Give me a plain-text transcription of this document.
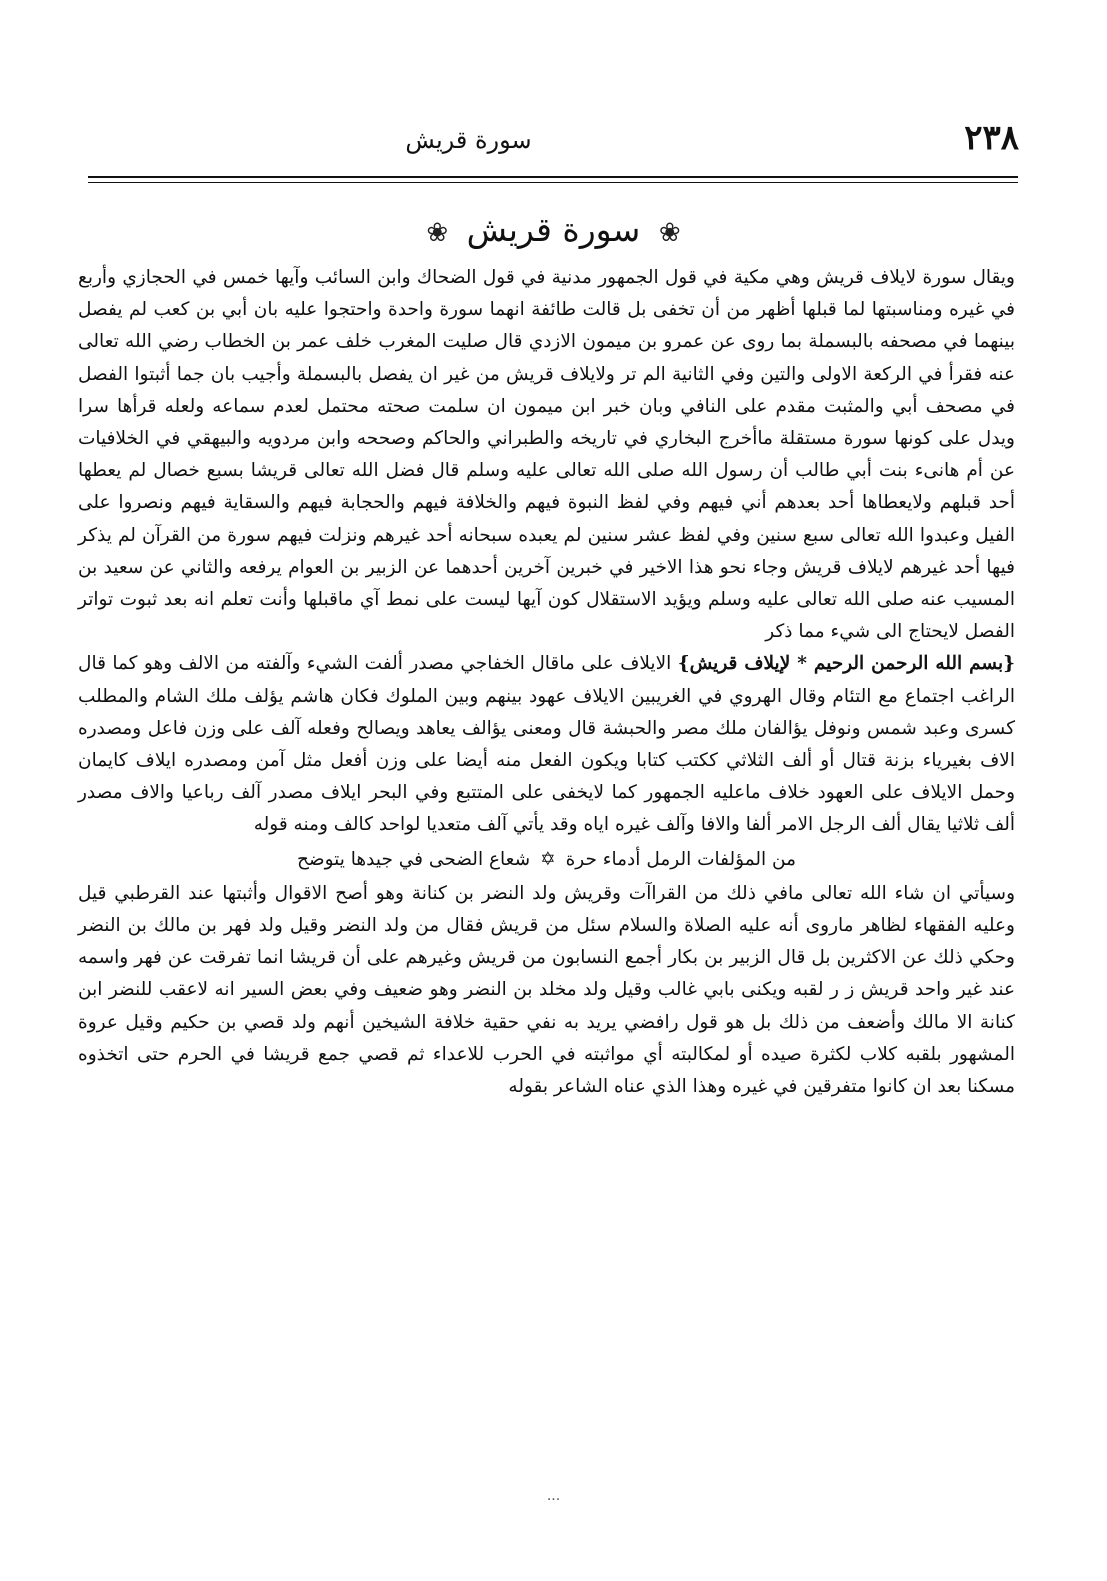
٢٣٨
سورة قريش
❀ سورة قريش ❀

ويقال سورة لايلاف قريش وهي مكية في قول الجمهور مدنية في قول الضحاك وابن السائب وآيها خمس في الحجازي وأربع في غيره ومناسبتها لما قبلها أظهر من أن تخفى بل قالت طائفة انهما سورة واحدة واحتجوا عليه بان أبي بن كعب لم يفصل بينهما في مصحفه بالبسملة بما روى عن عمرو بن ميمون الازدي قال صليت المغرب خلف عمر بن الخطاب رضي الله تعالى عنه فقرأ في الركعة الاولى والتين وفي الثانية الم تر ولايلاف قريش من غير ان يفصل بالبسملة وأجيب بان جما أثبتوا الفصل في مصحف أبي والمثبت مقدم على النافي وبان خبر ابن ميمون ان سلمت صحته محتمل لعدم سماعه ولعله قرأها سرا ويدل على كونها سورة مستقلة ماأخرج البخاري في تاريخه والطبراني والحاكم وصححه وابن مردويه والبيهقي في الخلافيات عن أم هانىء بنت أبي طالب أن رسول الله صلى الله تعالى عليه وسلم قال فضل الله تعالى قريشا بسبع خصال لم يعطها أحد قبلهم ولايعطاها أحد بعدهم أني فيهم وفي لفظ النبوة فيهم والخلافة فيهم والحجابة فيهم والسقاية فيهم ونصروا على الفيل وعبدوا الله تعالى سبع سنين وفي لفظ عشر سنين لم يعبده سبحانه أحد غيرهم ونزلت فيهم سورة من القرآن لم يذكر فيها أحد غيرهم لايلاف قريش وجاء نحو هذا الاخير في خبرين آخرين أحدهما عن الزبير بن العوام يرفعه والثاني عن سعيد بن المسيب عنه صلى الله تعالى عليه وسلم ويؤيد الاستقلال كون آيها ليست على نمط آي ماقبلها وأنت تعلم انه بعد ثبوت تواتر الفصل لايحتاج الى شيء مما ذكر

{بسم الله الرحمن الرحيم * لإيلاف قريش} الايلاف على ماقال الخفاجي مصدر ألفت الشيء وآلفته من الالف وهو كما قال الراغب اجتماع مع التئام وقال الهروي في الغريبين الايلاف عهود بينهم وبين الملوك فكان هاشم يؤلف ملك الشام والمطلب كسرى وعبد شمس ونوفل يؤالفان ملك مصر والحبشة قال ومعنى يؤالف يعاهد ويصالح وفعله آلف على وزن فاعل ومصدره الاف بغيرياء بزنة قتال أو ألف الثلاثي ككتب كتابا ويكون الفعل منه أيضا على وزن أفعل مثل آمن ومصدره ايلاف كايمان وحمل الايلاف على العهود خلاف ماعليه الجمهور كما لايخفى على المتتبع وفي البحر ايلاف مصدر آلف رباعيا والاف مصدر ألف ثلاثيا يقال ألف الرجل الامر ألفا والافا وآلف غيره اياه وقد يأتي آلف متعديا لواحد كالف ومنه قوله

من المؤلفات الرمل أدماء حرة✡شعاع الضحى في جيدها يتوضح

وسيأتي ان شاء الله تعالى مافي ذلك من القراآت وقريش ولد النضر بن كنانة وهو أصح الاقوال وأثبتها عند القرطبي قيل وعليه الفقهاء لظاهر ماروى أنه عليه الصلاة والسلام سئل من قريش فقال من ولد النضر وقيل ولد فهر بن مالك بن النضر وحكي ذلك عن الاكثرين بل قال الزبير بن بكار أجمع النسابون من قريش وغيرهم على أن قريشا انما تفرقت عن فهر واسمه عند غير واحد قريش ز ر لقبه ويكنى بابي غالب وقيل ولد مخلد بن النضر وهو ضعيف وفي بعض السير انه لاعقب للنضر ابن كنانة الا مالك وأضعف من ذلك بل هو قول رافضي يريد به نفي حقية خلافة الشيخين أنهم ولد قصي بن حكيم وقيل عروة المشهور بلقبه كلاب لكثرة صيده أو لمكالبته أي مواثبته في الحرب للاعداء ثم قصي جمع قريشا في الحرم حتى اتخذوه مسكنا بعد ان كانوا متفرقين في غيره وهذا الذي عناه الشاعر بقوله

...
